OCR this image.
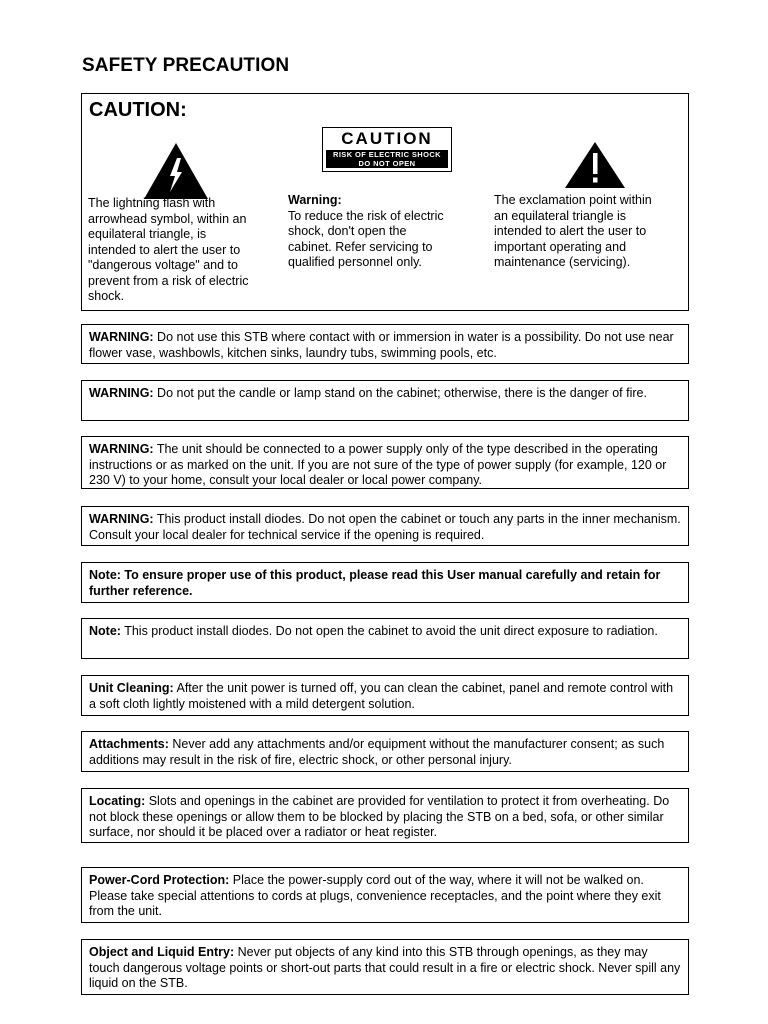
SAFETY PRECAUTION
CAUTION:
CAUTION
RISK OF ELECTRIC SHOCK
DO NOT OPEN

The lightning flash with arrowhead symbol, within an equilateral triangle, is intended to alert the user to "dangerous voltage" and to prevent from a risk of electric shock.

Warning:
To reduce the risk of electric shock, don't open the cabinet. Refer servicing to qualified personnel only.

The exclamation point within an equilateral triangle is intended to alert the user to important operating and maintenance (servicing).

WARNING: Do not use this STB where contact with or immersion in water is a possibility. Do not use near flower vase, washbowls, kitchen sinks, laundry tubs, swimming pools, etc.
WARNING: Do not put the candle or lamp stand on the cabinet; otherwise, there is the danger of fire.
WARNING: The unit should be connected to a power supply only of the type described in the operating instructions or as marked on the unit. If you are not sure of the type of power supply (for example, 120 or 230 V) to your home, consult your local dealer or local power company.
WARNING: This product install diodes. Do not open the cabinet or touch any parts in the inner mechanism. Consult your local dealer for technical service if the opening is required.
Note: To ensure proper use of this product, please read this User manual carefully and retain for further reference.
Note: This product install diodes. Do not open the cabinet to avoid the unit direct exposure to radiation.
Unit Cleaning: After the unit power is turned off, you can clean the cabinet, panel and remote control with a soft cloth lightly moistened with a mild detergent solution.
Attachments: Never add any attachments and/or equipment without the manufacturer consent; as such additions may result in the risk of fire, electric shock, or other personal injury.
Locating: Slots and openings in the cabinet are provided for ventilation to protect it from overheating. Do not block these openings or allow them to be blocked by placing the STB on a bed, sofa, or other similar surface, nor should it be placed over a radiator or heat register.
Power-Cord Protection: Place the power-supply cord out of the way, where it will not be walked on. Please take special attentions to cords at plugs, convenience receptacles, and the point where they exit from the unit.
Object and Liquid Entry: Never put objects of any kind into this STB through openings, as they may touch dangerous voltage points or short-out parts that could result in a fire or electric shock. Never spill any liquid on the STB.
